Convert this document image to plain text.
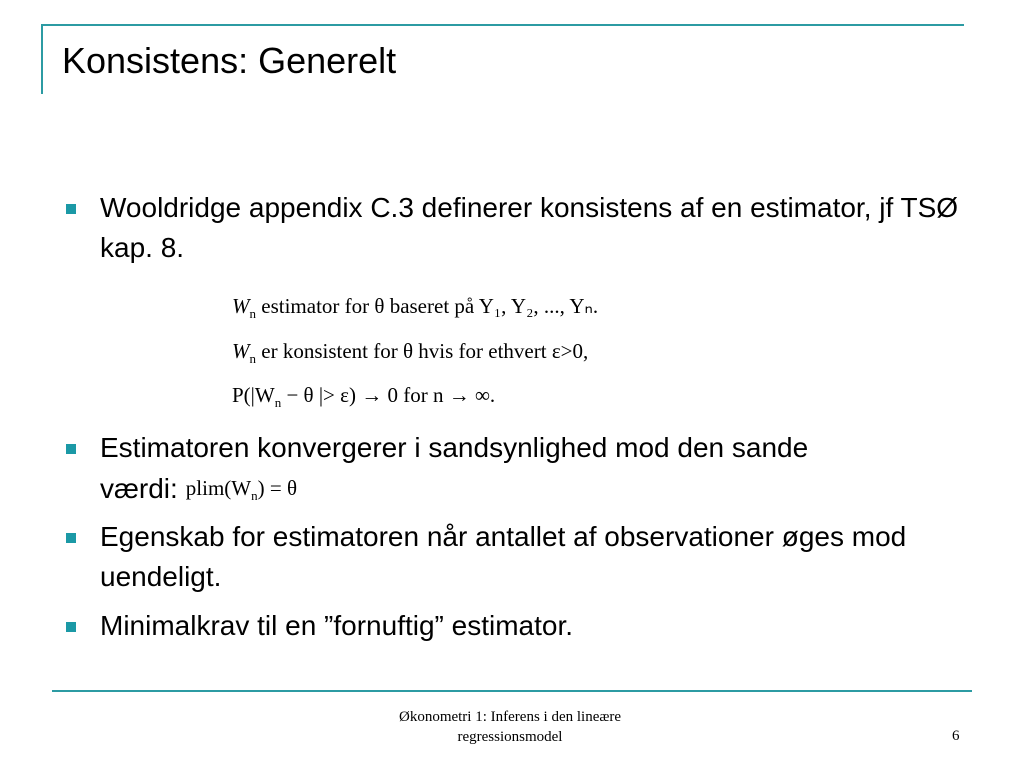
Konsistens: Generelt
Wooldridge appendix C.3 definerer konsistens af en estimator, jf TSØ kap. 8.
$W_n$ estimator for θ baseret på Y₁, Y₂, ..., Yₙ.
$W_n$ er konsistent for θ hvis for ethvert ε>0,
$P(|W_n - \theta$ |> ε) → 0 for n → ∞.
Estimatoren konvergerer i sandsynlighed mod den sande værdi: $plim(W_n) = \theta$
Egenskab for estimatoren når antallet af observationer øges mod uendeligt.
Minimalkrav til en ”fornuftig” estimator.
Økonometri 1: Inferens i den lineære
regressionsmodel	6
